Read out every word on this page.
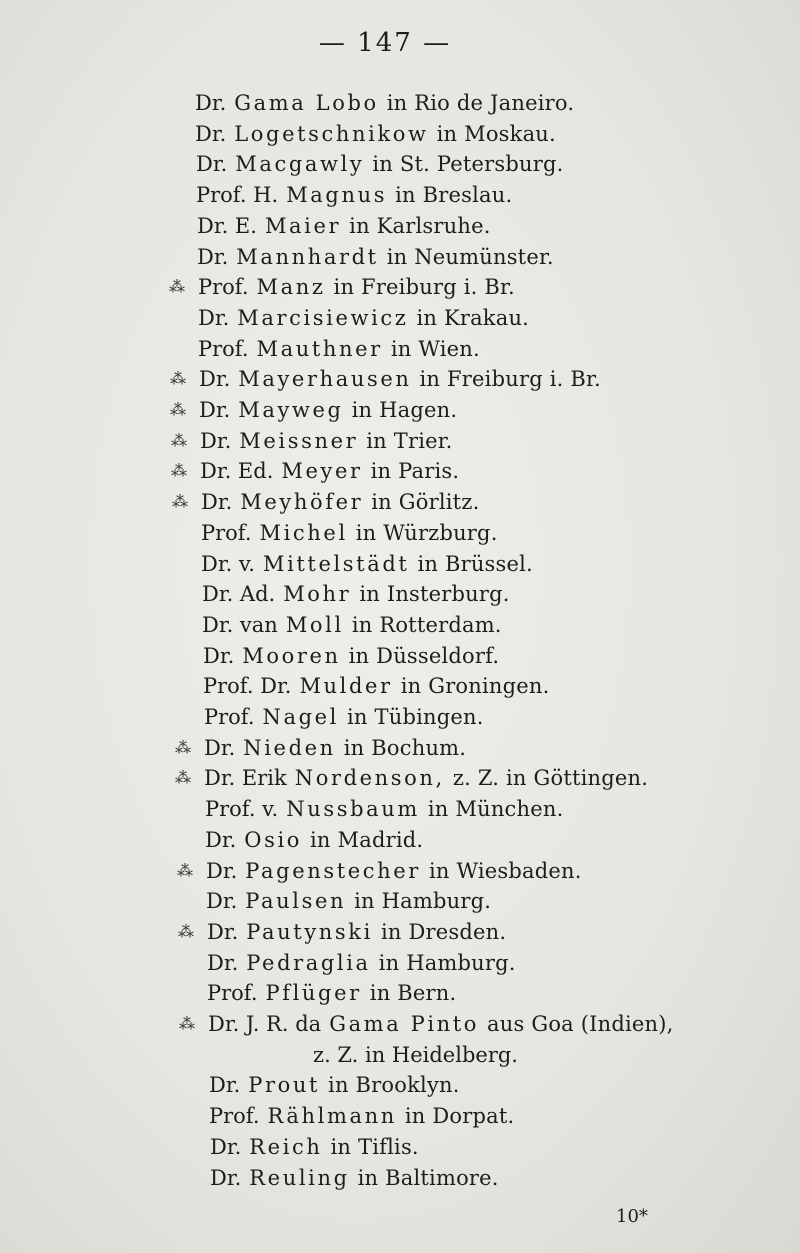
— 147 —
Dr. Gama Lobo in Rio de Janeiro.
Dr. Logetschnikow in Moskau.
Dr. Macgawly in St. Petersburg.
Prof. H. Magnus in Breslau.
Dr. E. Maier in Karlsruhe.
Dr. Mannhardt in Neumünster.
⁂ Prof. Manz in Freiburg i. Br.
Dr. Marcisiewicz in Krakau.
Prof. Mauthner in Wien.
⁂ Dr. Mayerhausen in Freiburg i. Br.
⁂ Dr. Mayweg in Hagen.
⁂ Dr. Meissner in Trier.
⁂ Dr. Ed. Meyer in Paris.
⁂ Dr. Meyhöfer in Görlitz.
Prof. Michel in Würzburg.
Dr. v. Mittelstädt in Brüssel.
Dr. Ad. Mohr in Insterburg.
Dr. van Moll in Rotterdam.
Dr. Mooren in Düsseldorf.
Prof. Dr. Mulder in Groningen.
Prof. Nagel in Tübingen.
⁂ Dr. Nieden in Bochum.
⁂ Dr. Erik Nordenson, z. Z. in Göttingen.
Prof. v. Nussbaum in München.
Dr. Osio in Madrid.
⁂ Dr. Pagenstecher in Wiesbaden.
Dr. Paulsen in Hamburg.
⁂ Dr. Pautynski in Dresden.
Dr. Pedraglia in Hamburg.
Prof. Pflüger in Bern.
⁂ Dr. J. R. da Gama Pinto aus Goa (Indien),
z. Z. in Heidelberg.
Dr. Prout in Brooklyn.
Prof. Rählmann in Dorpat.
Dr. Reich in Tiflis.
Dr. Reuling in Baltimore.
10*
